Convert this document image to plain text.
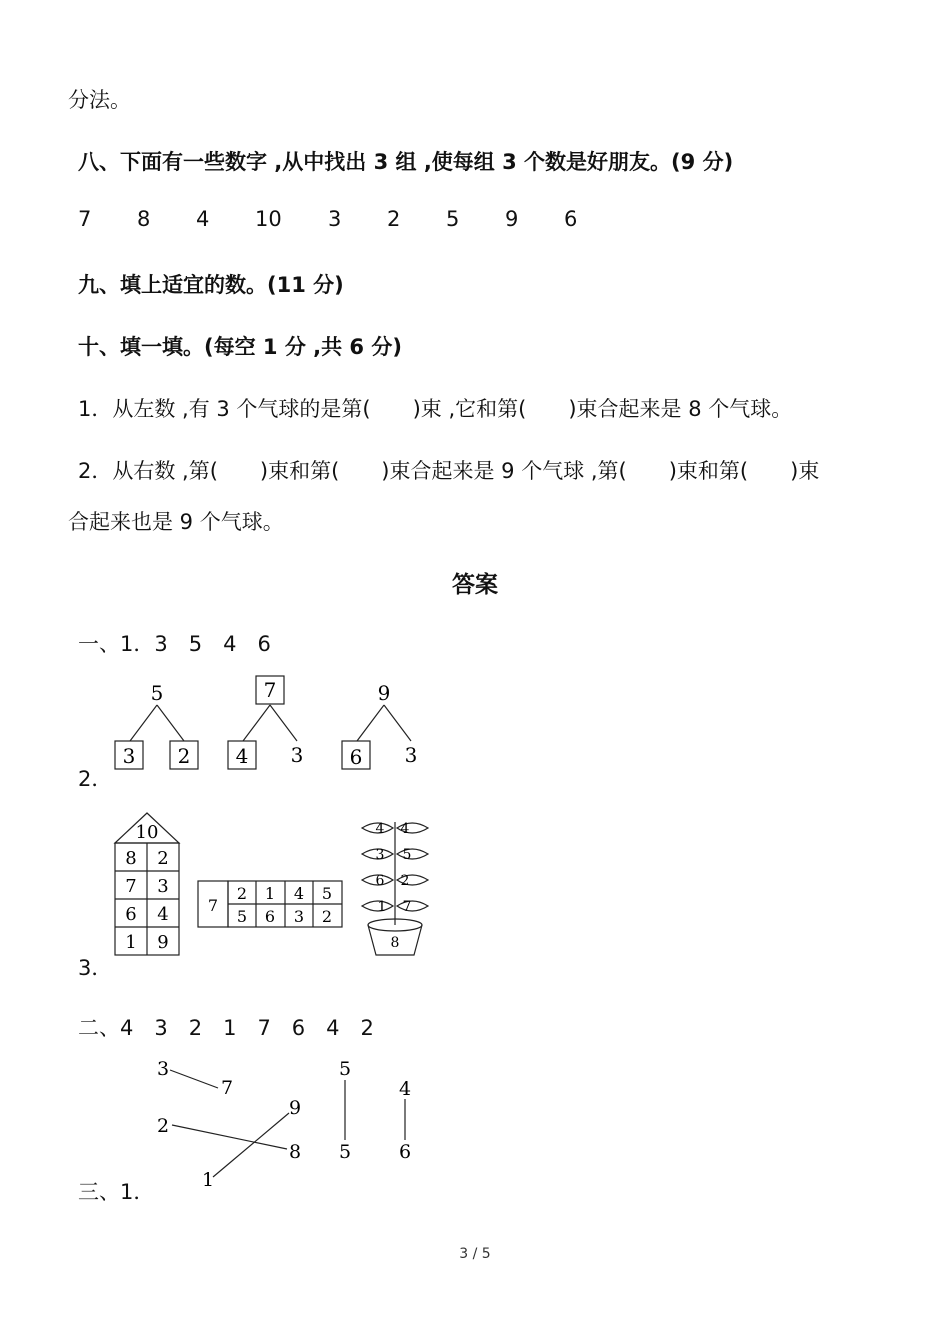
分法。
八、下面有一些数字 ,从中找出 3 组 ,使每组 3 个数是好朋友。(9 分)
7 8 4 10 3 2 5 9 6
九、填上适宜的数。(11 分)
十、填一填。(每空 1 分 ,共 6 分)
1．从左数 ,有 3 个气球的是第(　　)束 ,它和第(　　)束合起来是 8 个气球。
2．从右数 ,第(　　)束和第(　　)束合起来是 9 个气球 ,第(　　)束和第(　　)束
合起来也是 9 个气球。
答案
一、1．3　5　4　6
5
3 2
7
4 3
9
6 3
10
8 2
7 3
6 4
1 9
7
2 1 4 5
5 6 3 2
4 4
3 5
6 2
1 7
8
3
7
9
2
8
1
5
5
4
6
2．
3．
二、4　3　2　1　7　6　4　2
三、1．
3 / 5
